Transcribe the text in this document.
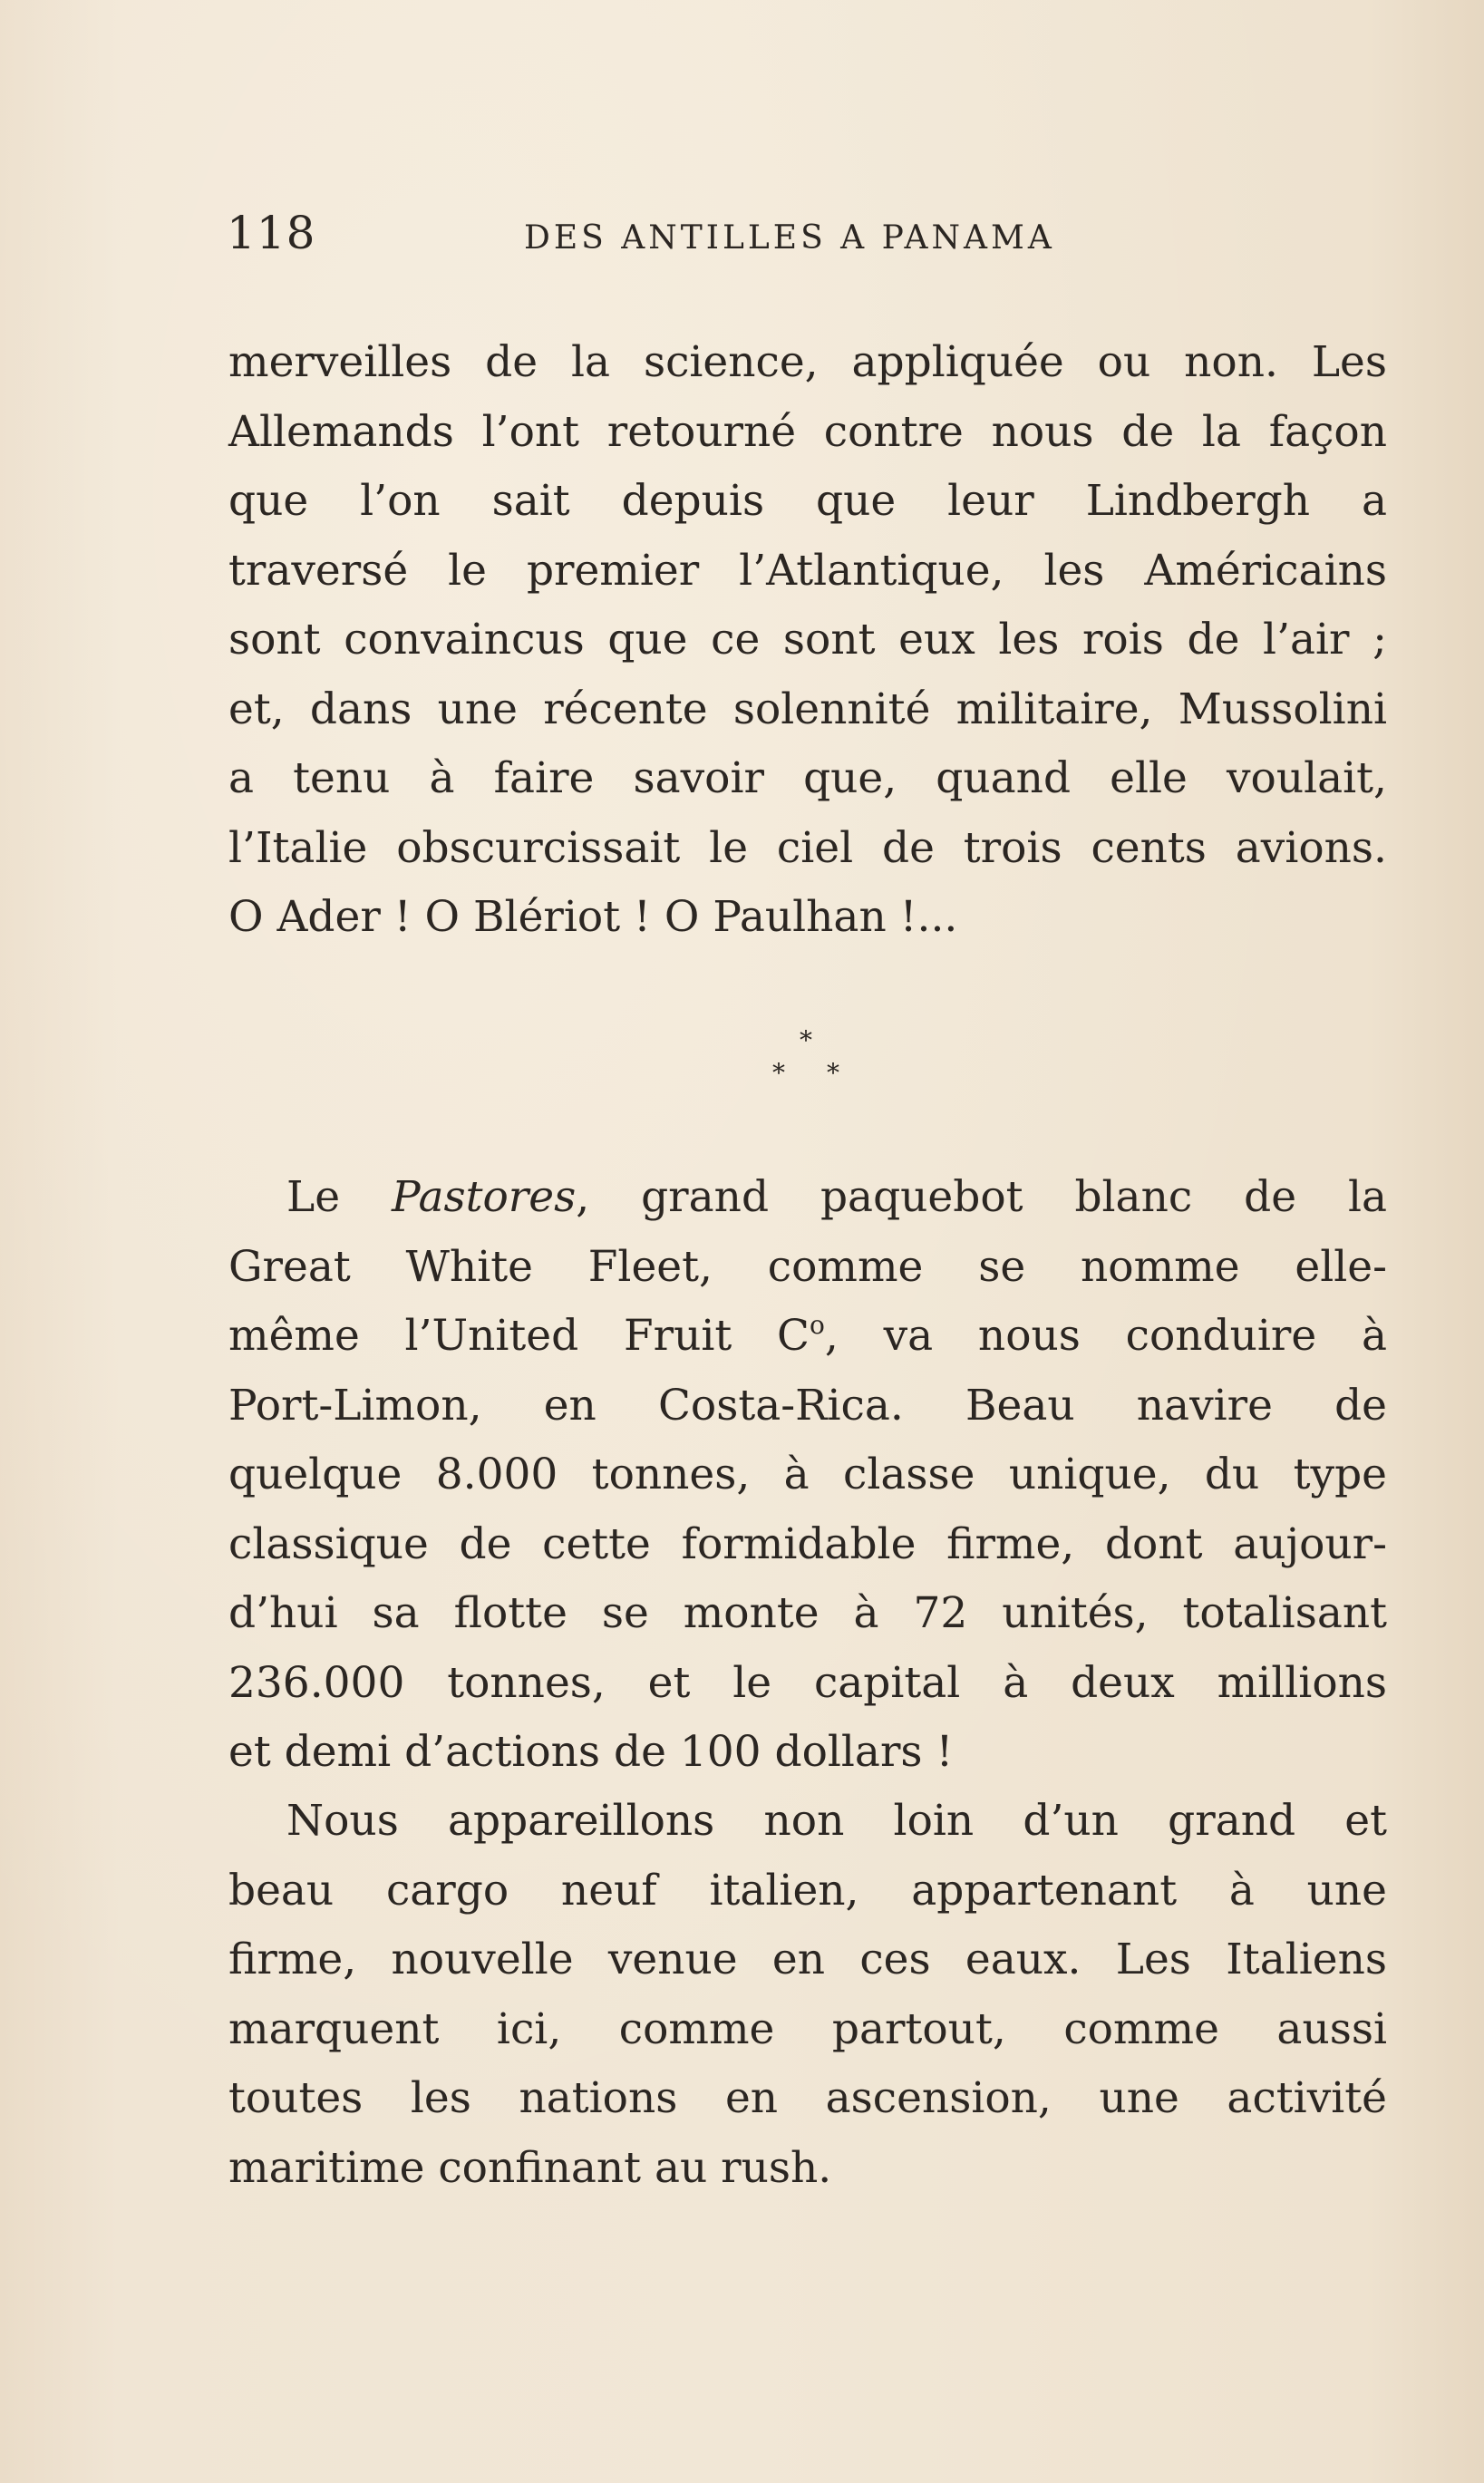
118	DES ANTILLES A PANAMA
merveilles de la science, appliquée ou non. Les
Allemands l’ont retourné contre nous de la façon
que l’on sait depuis que leur Lindbergh a
traversé le premier l’Atlantique, les Américains
sont convaincus que ce sont eux les rois de l’air ;
et, dans une récente solennité militaire, Mussolini
a tenu à faire savoir que, quand elle voulait,
l’Italie obscurcissait le ciel de trois cents avions.
O Ader ! O Blériot ! O Paulhan !...
*
* *
Le Pastores, grand paquebot blanc de la
Great White Fleet, comme se nomme elle-
même l’United Fruit $C^o$, va nous conduire à
Port-Limon, en Costa-Rica. Beau navire de
quelque 8.000 tonnes, à classe unique, du type
classique de cette formidable firme, dont aujour-
d’hui sa flotte se monte à 72 unités, totalisant
236.000 tonnes, et le capital à deux millions
et demi d’actions de 100 dollars !
Nous appareillons non loin d’un grand et
beau cargo neuf italien, appartenant à une
firme, nouvelle venue en ces eaux. Les Italiens
marquent ici, comme partout, comme aussi
toutes les nations en ascension, une activité
maritime confinant au rush.
